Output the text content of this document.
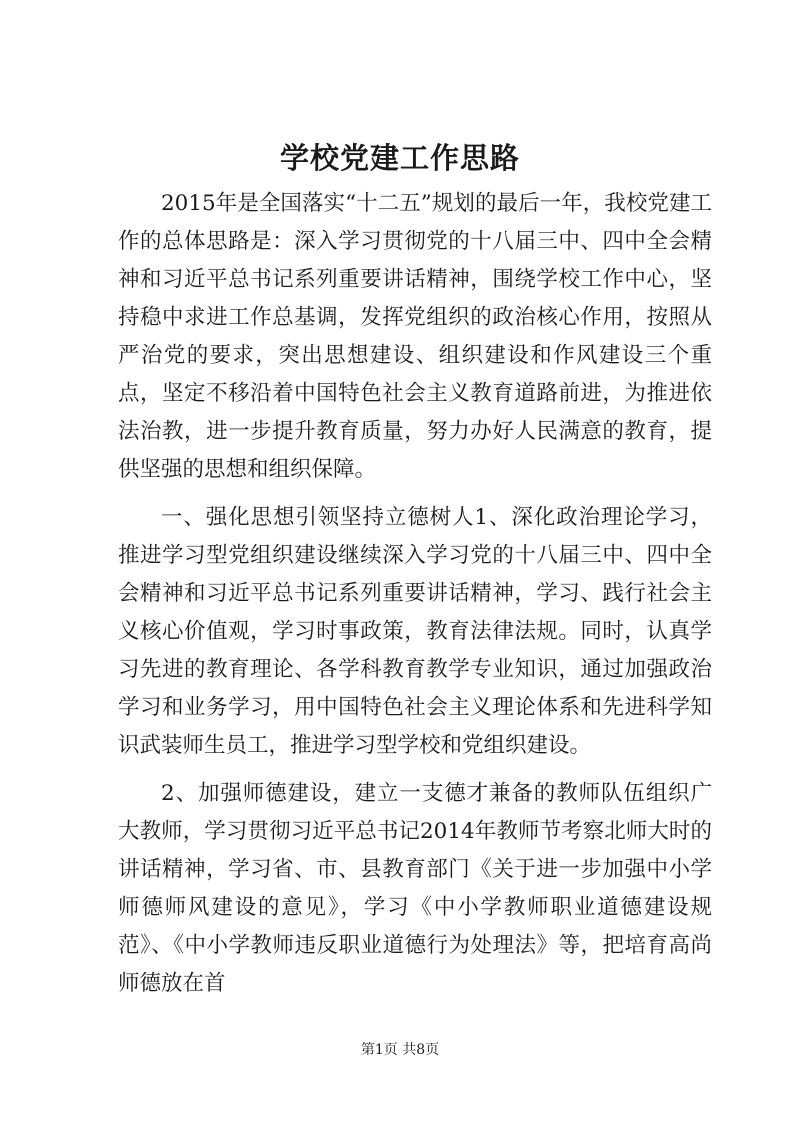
学校党建工作思路

2015年是全国落实“十二五”规划的最后一年，我校党建工作的总体思路是：深入学习贯彻党的十八届三中、四中全会精神和习近平总书记系列重要讲话精神，围绕学校工作中心，坚持稳中求进工作总基调，发挥党组织的政治核心作用，按照从严治党的要求，突出思想建设、组织建设和作风建设三个重点，坚定不移沿着中国特色社会主义教育道路前进，为推进依法治教，进一步提升教育质量，努力办好人民满意的教育，提供坚强的思想和组织保障。

一、强化思想引领坚持立德树人1、深化政治理论学习，推进学习型党组织建设继续深入学习党的十八届三中、四中全会精神和习近平总书记系列重要讲话精神，学习、践行社会主义核心价值观，学习时事政策，教育法律法规。同时，认真学习先进的教育理论、各学科教育教学专业知识，通过加强政治学习和业务学习，用中国特色社会主义理论体系和先进科学知识武装师生员工，推进学习型学校和党组织建设。

2、加强师德建设，建立一支德才兼备的教师队伍组织广大教师，学习贯彻习近平总书记2014年教师节考察北师大时的讲话精神，学习省、市、县教育部门《关于进一步加强中小学师德师风建设的意见》，学习《中小学教师职业道德建设规范》、《中小学教师违反职业道德行为处理法》等，把培育高尚师德放在首

第1页 共8页
